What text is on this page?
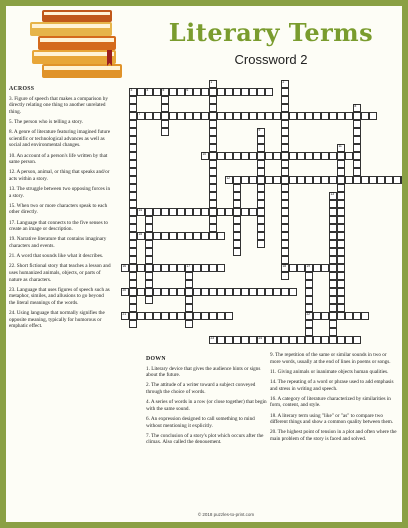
Literary Terms
Crossword 2
3	4	5	6
7
10
12
14
15
16	17	18	19
20
21	22
23	24
1	2
8
9
11
13
ACROSS
3. Figure of speech that makes a comparison by directly relating one thing to another unrelated thing.
5. The person who is telling a story.
8. A genre of literature featuring imagined future scientific or technological advances as well as social and environmental changes.
10. An account of a person's life written by that same person.
12. A person, animal, or thing that speaks and/or acts within a story.
13. The struggle between two opposing forces in a story.
15. When two or more characters speak to each other directly.
17. Language that connects to the five senses to create an image or description.
19. Narrative literature that contains imaginary characters and events.
21. A word that sounds like what it describes.
22. Short fictional story that teaches a lesson and uses humanized animals, objects, or parts of nature as characters.
23. Language that uses figures of speech such as metaphor, similes, and allusions to go beyond the literal meanings of the words.
24. Using language that normally signifies the opposite meaning, typically for humorous or emphatic effect.
DOWN
1. Literary device that gives the audience hints or signs about the future.
2. The attitude of a writer toward a subject conveyed through the choice of words.
4. A series of words in a row (or close together) that begin with the same sound.
6. An expression designed to call something to mind without mentioning it explicitly.
7. The conclusion of a story's plot which occurs after the climax. Also called the denouement.
9. The repetition of the same or similar sounds in two or more words, usually at the end of lines in poems or songs.
11. Giving animals or inanimate objects human qualities.
14. The repeating of a word or phrase used to add emphasis and stress in writing and speech.
16. A category of literature characterized by similarities in form, content, and style.
18. A literary term using "like" or "as" to compare two different things and show a common quality between them.
20. The highest point of tension in a plot and often where the main problem of the story is faced and solved.
© 2018 puzzles-to-print.com
